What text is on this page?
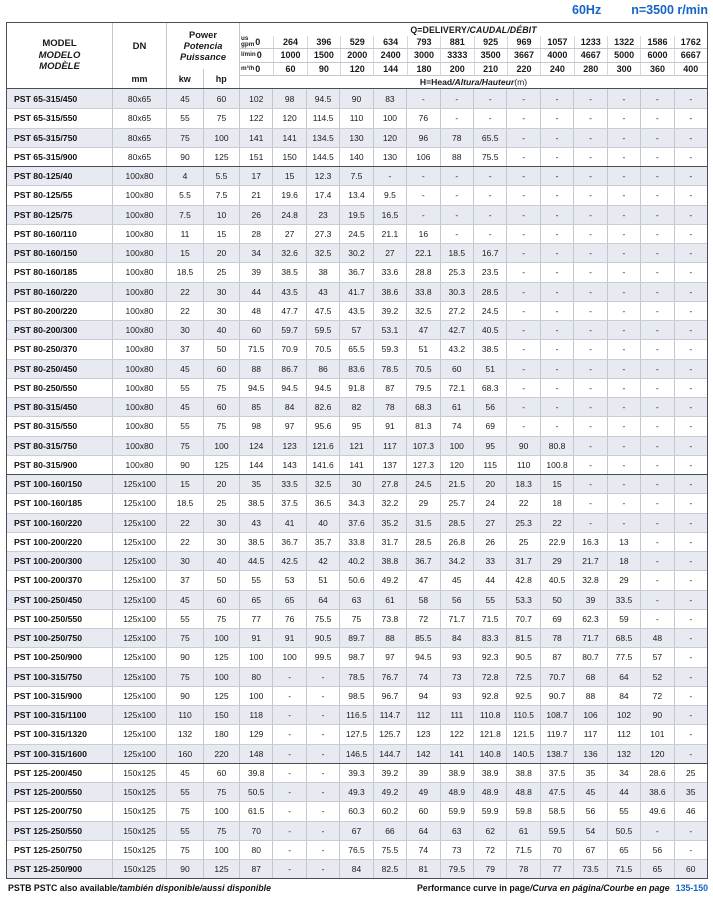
60Hz n=3500 r/min
MODEL
MODELO
MODÈLE
DN
mm
Power
Potencia
Puissance
kw	hp
Q=DELIVERY /CAUDAL/DÉBIT
us
gpm 0	264	396	529	634	793	881	925	969	1057	1233	1322	1586	1762
l/min 0	1000	1500	2000	2400	3000	3333	3500	3667	4000	4667	5000	6000	6667
m³/h 0	60	90	120	144	180	200	210	220	240	280	300	360	400
H=Head /Altura/Hauteur (m)
PST 65-315/450	80x65	45	60	102	98	94.5	90	83	-	-	-	-	-	-	-	-	-
PST 65-315/550	80x65	55	75	122	120	114.5	110	100	76	-	-	-	-	-	-	-	-
PST 65-315/750	80x65	75	100	141	141	134.5	130	120	96	78	65.5	-	-	-	-	-	-
PST 65-315/900	80x65	90	125	151	150	144.5	140	130	106	88	75.5	-	-	-	-	-	-
PST 80-125/40	100x80	4	5.5	17	15	12.3	7.5	-	-	-	-	-	-	-	-	-	-
PST 80-125/55	100x80	5.5	7.5	21	19.6	17.4	13.4	9.5	-	-	-	-	-	-	-	-	-
PST 80-125/75	100x80	7.5	10	26	24.8	23	19.5	16.5	-	-	-	-	-	-	-	-	-
PST 80-160/110	100x80	11	15	28	27	27.3	24.5	21.1	16	-	-	-	-	-	-	-	-
PST 80-160/150	100x80	15	20	34	32.6	32.5	30.2	27	22.1	18.5	16.7	-	-	-	-	-	-
PST 80-160/185	100x80	18.5	25	39	38.5	38	36.7	33.6	28.8	25.3	23.5	-	-	-	-	-	-
PST 80-160/220	100x80	22	30	44	43.5	43	41.7	38.6	33.8	30.3	28.5	-	-	-	-	-	-
PST 80-200/220	100x80	22	30	48	47.7	47.5	43.5	39.2	32.5	27.2	24.5	-	-	-	-	-	-
PST 80-200/300	100x80	30	40	60	59.7	59.5	57	53.1	47	42.7	40.5	-	-	-	-	-	-
PST 80-250/370	100x80	37	50	71.5	70.9	70.5	65.5	59.3	51	43.2	38.5	-	-	-	-	-	-
PST 80-250/450	100x80	45	60	88	86.7	86	83.6	78.5	70.5	60	51	-	-	-	-	-	-
PST 80-250/550	100x80	55	75	94.5	94.5	94.5	91.8	87	79.5	72.1	68.3	-	-	-	-	-	-
PST 80-315/450	100x80	45	60	85	84	82.6	82	78	68.3	61	56	-	-	-	-	-	-
PST 80-315/550	100x80	55	75	98	97	95.6	95	91	81.3	74	69	-	-	-	-	-	-
PST 80-315/750	100x80	75	100	124	123	121.6	121	117	107.3	100	95	90	80.8	-	-	-	-
PST 80-315/900	100x80	90	125	144	143	141.6	141	137	127.3	120	115	110	100.8	-	-	-	-
PST 100-160/150	125x100	15	20	35	33.5	32.5	30	27.8	24.5	21.5	20	18.3	15	-	-	-	-
PST 100-160/185	125x100	18.5	25	38.5	37.5	36.5	34.3	32.2	29	25.7	24	22	18	-	-	-	-
PST 100-160/220	125x100	22	30	43	41	40	37.6	35.2	31.5	28.5	27	25.3	22	-	-	-	-
PST 100-200/220	125x100	22	30	38.5	36.7	35.7	33.8	31.7	28.5	26.8	26	25	22.9	16.3	13	-	-
PST 100-200/300	125x100	30	40	44.5	42.5	42	40.2	38.8	36.7	34.2	33	31.7	29	21.7	18	-	-
PST 100-200/370	125x100	37	50	55	53	51	50.6	49.2	47	45	44	42.8	40.5	32.8	29	-	-
PST 100-250/450	125x100	45	60	65	65	64	63	61	58	56	55	53.3	50	39	33.5	-	-
PST 100-250/550	125x100	55	75	77	76	75.5	75	73.8	72	71.7	71.5	70.7	69	62.3	59	-	-
PST 100-250/750	125x100	75	100	91	91	90.5	89.7	88	85.5	84	83.3	81.5	78	71.7	68.5	48	-
PST 100-250/900	125x100	90	125	100	100	99.5	98.7	97	94.5	93	92.3	90.5	87	80.7	77.5	57	-
PST 100-315/750	125x100	75	100	80	-	-	78.5	76.7	74	73	72.8	72.5	70.7	68	64	52	-
PST 100-315/900	125x100	90	125	100	-	-	98.5	96.7	94	93	92.8	92.5	90.7	88	84	72	-
PST 100-315/1100	125x100	110	150	118	-	-	116.5	114.7	112	111	110.8	110.5	108.7	106	102	90	-
PST 100-315/1320	125x100	132	180	129	-	-	127.5	125.7	123	122	121.8	121.5	119.7	117	112	101	-
PST 100-315/1600	125x100	160	220	148	-	-	146.5	144.7	142	141	140.8	140.5	138.7	136	132	120	-
PST 125-200/450	150x125	45	60	39.8	-	-	39.3	39.2	39	38.9	38.9	38.8	37.5	35	34	28.6	25
PST 125-200/550	150x125	55	75	50.5	-	-	49.3	49.2	49	48.9	48.9	48.8	47.5	45	44	38.6	35
PST 125-200/750	150x125	75	100	61.5	-	-	60.3	60.2	60	59.9	59.9	59.8	58.5	56	55	49.6	46
PST 125-250/550	150x125	55	75	70	-	-	67	66	64	63	62	61	59.5	54	50.5	-	-
PST 125-250/750	150x125	75	100	80	-	-	76.5	75.5	74	73	72	71.5	70	67	65	56	-
PST 125-250/900	150x125	90	125	87	-	-	84	82.5	81	79.5	79	78	77	73.5	71.5	65	60
PSTB PSTC also available/también disponible/aussi disponible	Performance curve in page/Curva en página/Courbe en page 135-150
